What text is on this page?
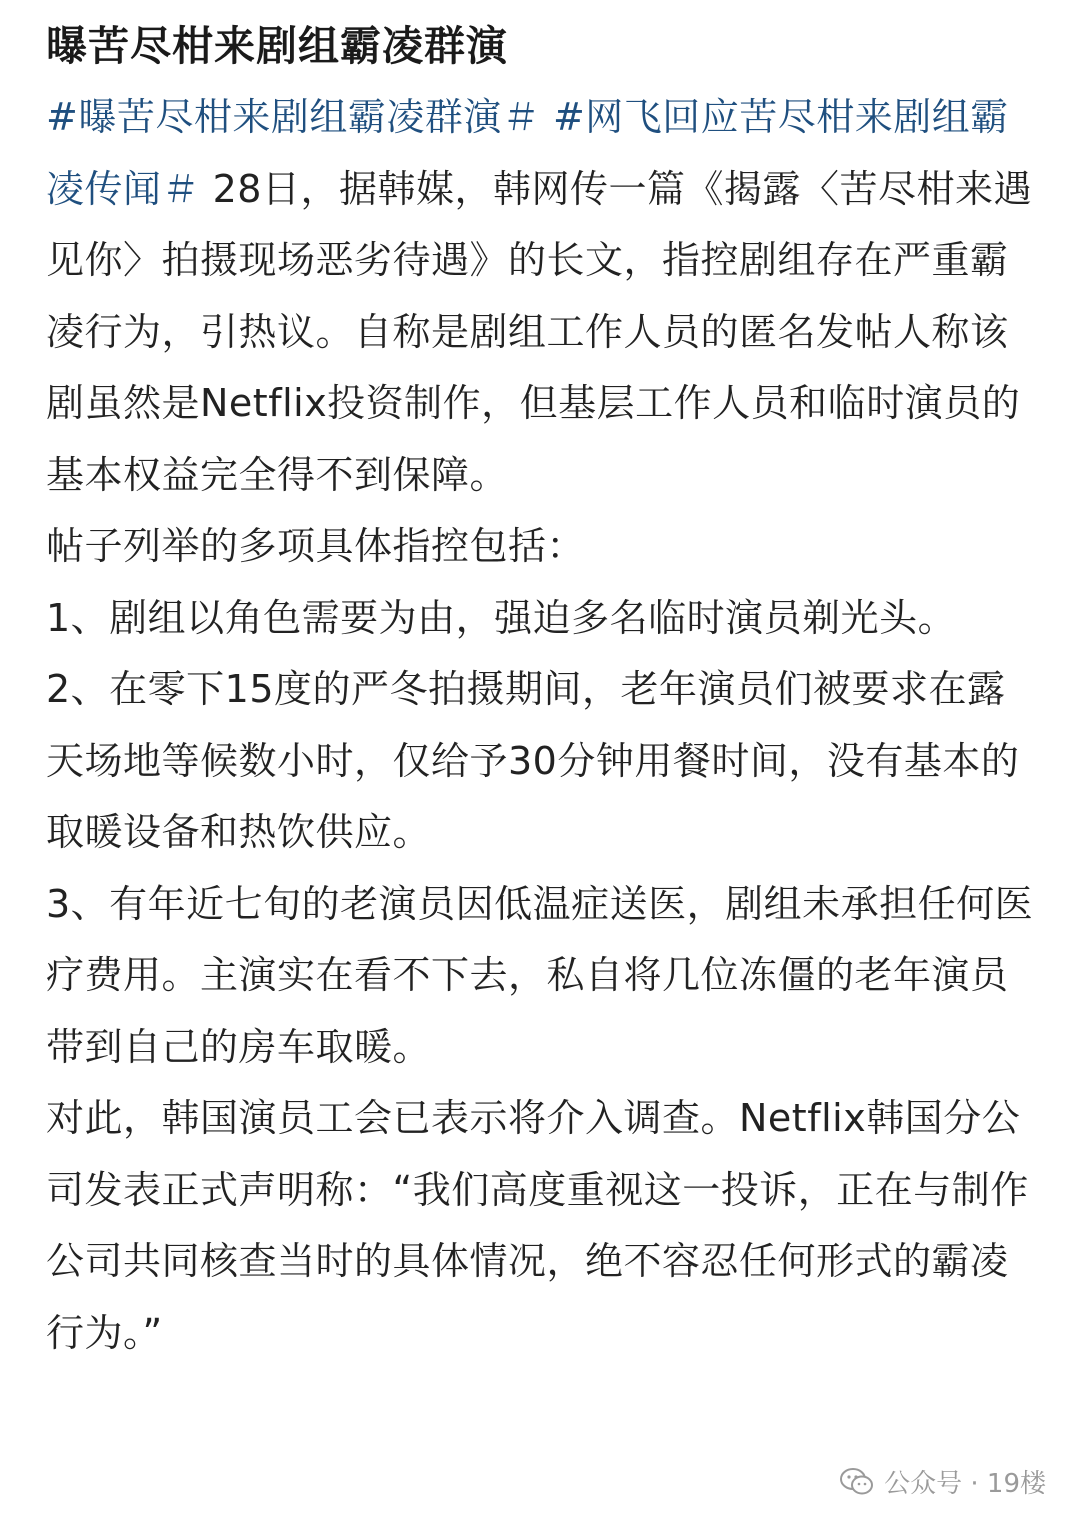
曝苦尽柑来剧组霸凌群演

#曝苦尽柑来剧组霸凌群演＃ #网飞回应苦尽柑来剧组霸凌传闻＃ 28日，据韩媒，韩网传一篇《揭露〈苦尽柑来遇见你〉拍摄现场恶劣待遇》的长文，指控剧组存在严重霸凌行为，引热议。自称是剧组工作人员的匿名发帖人称该剧虽然是Netflix投资制作，但基层工作人员和临时演员的基本权益完全得不到保障。

帖子列举的多项具体指控包括：

1、剧组以角色需要为由，强迫多名临时演员剃光头。

2、在零下15度的严冬拍摄期间，老年演员们被要求在露天场地等候数小时，仅给予30分钟用餐时间，没有基本的取暖设备和热饮供应。

3、有年近七旬的老演员因低温症送医，剧组未承担任何医疗费用。主演实在看不下去，私自将几位冻僵的老年演员带到自己的房车取暖。

对此，韩国演员工会已表示将介入调查。Netflix韩国分公司发表正式声明称：“我们高度重视这一投诉，正在与制作公司共同核查当时的具体情况，绝不容忍任何形式的霸凌行为。”

公众号 · 19楼
